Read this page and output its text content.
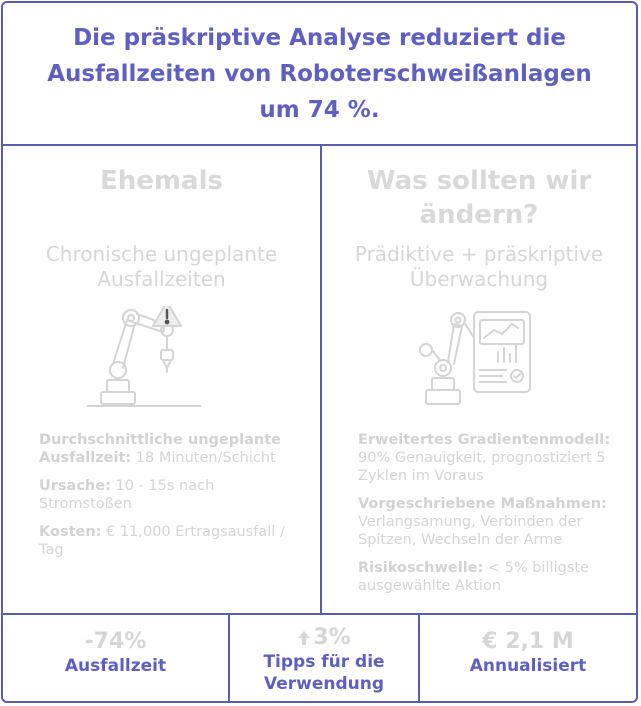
Die präskriptive Analyse reduziert die Ausfallzeiten von Roboterschweißanlagen um 74 %.
Ehemals
Chronische ungeplante Ausfallzeiten

Durchschnittliche ungeplante Ausfallzeit: 18 Minuten/Schicht

Ursache: 10 - 15s nach Stromstößen

Kosten: € 11,000 Ertragsausfall / Tag

Was sollten wir ändern?
Prädiktive + präskriptive Überwachung

Erweitertes Gradientenmodell: 90% Genauigkeit, prognostiziert 5 Zyklen im Voraus

Vorgeschriebene Maßnahmen: Verlangsamung, Verbinden der Spitzen, Wechseln der Arme

Risikoschwelle: < 5% billigste ausgewählte Aktion

-74%
Ausfallzeit
3%
Tipps für die Verwendung
€ 2,1 M
Annualisiert
